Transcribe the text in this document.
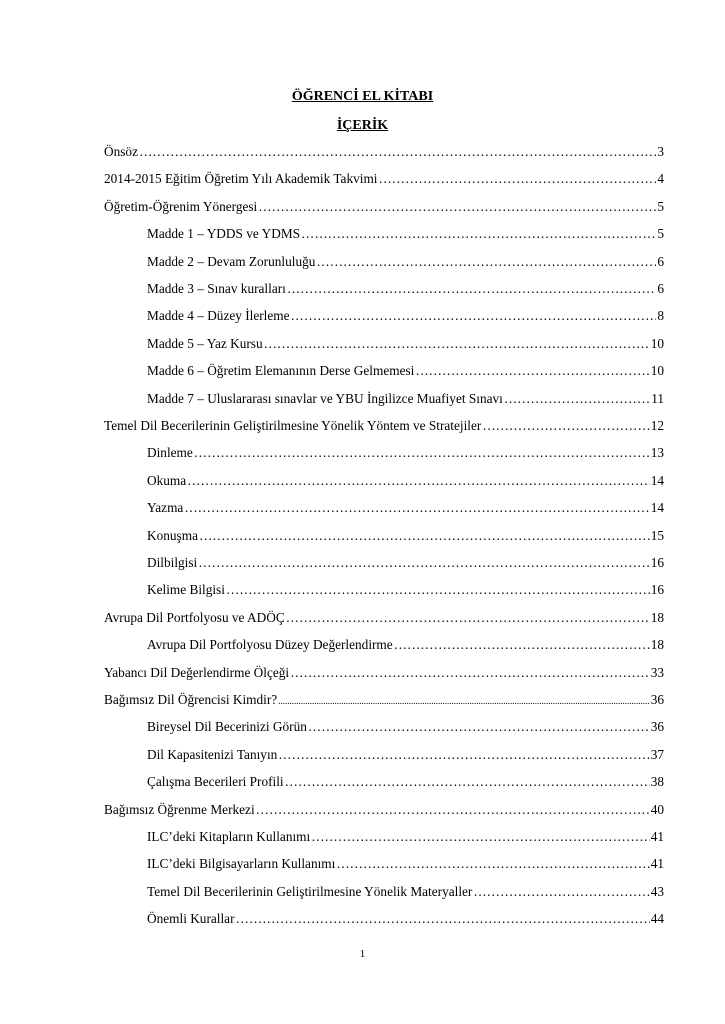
ÖĞRENCİ EL KİTABI
İÇERİK
Önsöz ……………………………………………………………………………………………………………………………………………………………………………………………………………………	3
2014-2015 Eğitim Öğretim Yılı Akademik Takvimi ……………………………………………………………………………………………………………………………………………………………………………………………………………………	4
Öğretim-Öğrenim Yönergesi ……………………………………………………………………………………………………………………………………………………………………………………………………………………	5
Madde 1 – YDDS ve YDMS ……………………………………………………………………………………………………………………………………………………………………………………………………………………	5
Madde 2 – Devam Zorunluluğu ……………………………………………………………………………………………………………………………………………………………………………………………………………………	6
Madde 3 – Sınav kuralları ……………………………………………………………………………………………………………………………………………………………………………………………………………………	6
Madde 4 – Düzey İlerleme ……………………………………………………………………………………………………………………………………………………………………………………………………………………	8
Madde 5 – Yaz Kursu ……………………………………………………………………………………………………………………………………………………………………………………………………………………	10
Madde 6 – Öğretim Elemanının Derse Gelmemesi ……………………………………………………………………………………………………………………………………………………………………………………………………………………	10
Madde 7 – Uluslararası sınavlar ve YBU İngilizce Muafiyet Sınavı ……………………………………………………………………………………………………………………………………………………………………………………………………………………	11
Temel Dil Becerilerinin Geliştirilmesine Yönelik Yöntem ve Stratejiler ……………………………………………………………………………………………………………………………………………………………………………………………………………………	12
Dinleme ……………………………………………………………………………………………………………………………………………………………………………………………………………………	13
Okuma ……………………………………………………………………………………………………………………………………………………………………………………………………………………	14
Yazma ……………………………………………………………………………………………………………………………………………………………………………………………………………………	14
Konuşma ……………………………………………………………………………………………………………………………………………………………………………………………………………………	15
Dilbilgisi ……………………………………………………………………………………………………………………………………………………………………………………………………………………	16
Kelime Bilgisi ……………………………………………………………………………………………………………………………………………………………………………………………………………………	16
Avrupa Dil Portfolyosu ve ADÖÇ ……………………………………………………………………………………………………………………………………………………………………………………………………………………	18
Avrupa Dil Portfolyosu Düzey Değerlendirme ……………………………………………………………………………………………………………………………………………………………………………………………………………………	18
Yabancı Dil Değerlendirme Ölçeği ……………………………………………………………………………………………………………………………………………………………………………………………………………………	33
Bağımsız Dil Öğrencisi Kimdir? .....	36
Bireysel Dil Becerinizi Görün ……………………………………………………………………………………………………………………………………………………………………………………………………………………	36
Dil Kapasitenizi Tanıyın ……………………………………………………………………………………………………………………………………………………………………………………………………………………	37
Çalışma Becerileri Profili ……………………………………………………………………………………………………………………………………………………………………………………………………………………	38
Bağımsız Öğrenme Merkezi ……………………………………………………………………………………………………………………………………………………………………………………………………………………	40
ILC’deki Kitapların Kullanımı ……………………………………………………………………………………………………………………………………………………………………………………………………………………	41
ILC’deki Bilgisayarların Kullanımı ……………………………………………………………………………………………………………………………………………………………………………………………………………………	41
Temel Dil Becerilerinin Geliştirilmesine Yönelik Materyaller ……………………………………………………………………………………………………………………………………………………………………………………………………………………	43
Önemli Kurallar ……………………………………………………………………………………………………………………………………………………………………………………………………………………	44
1
